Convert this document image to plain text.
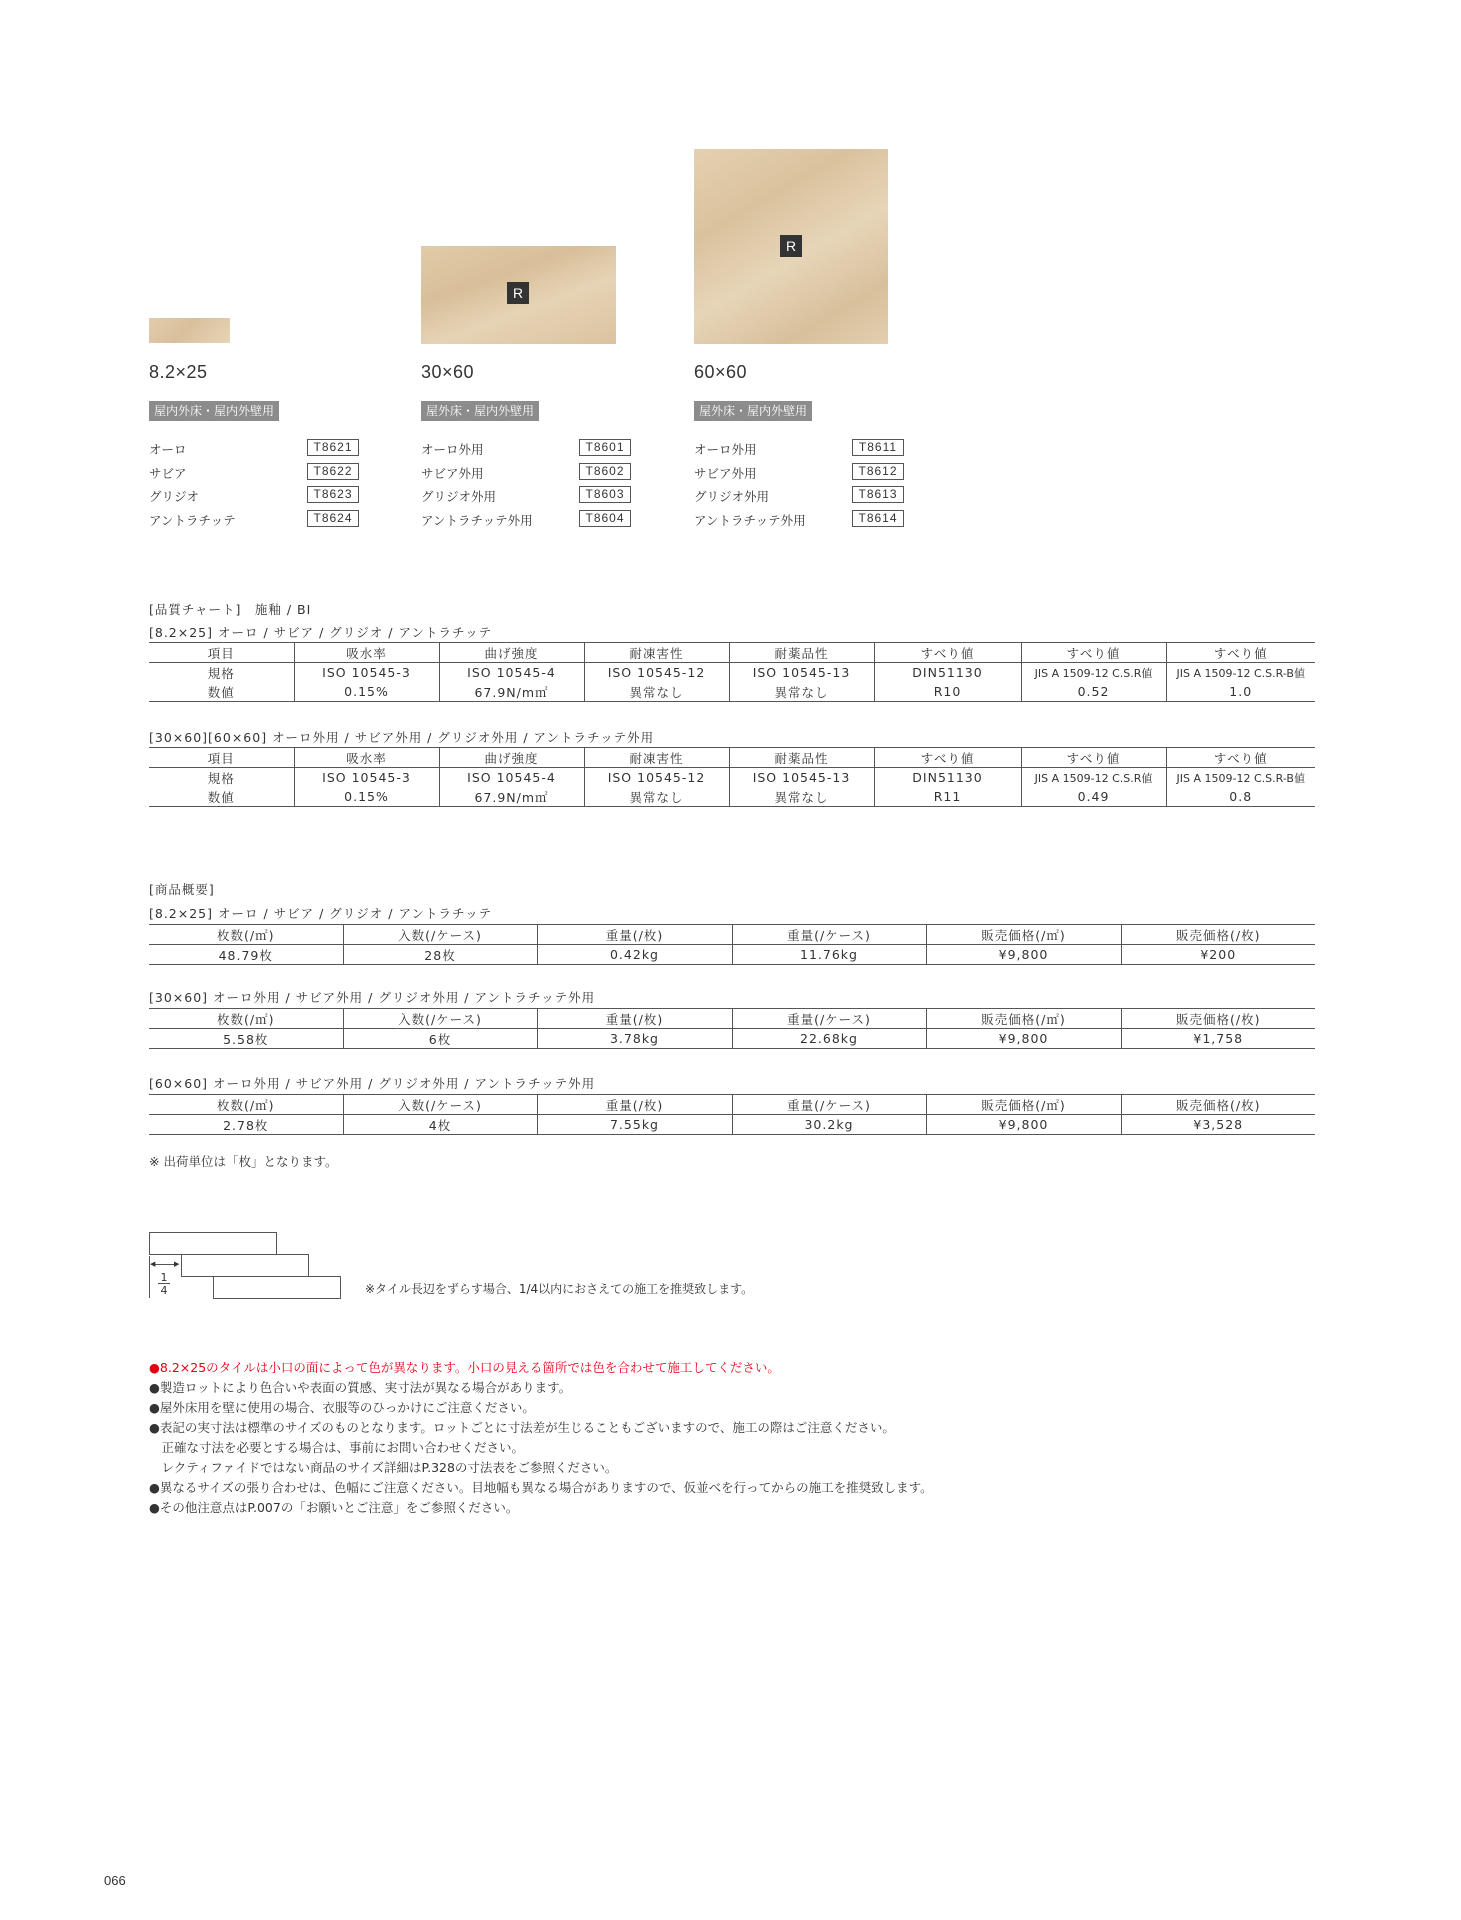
R
R
8.2×25	30×60	60×60
屋内外床・屋内外壁用	屋外床・屋内外壁用	屋外床・屋内外壁用
オーロ	T8621
サビア	T8622
グリジオ	T8623
アントラチッテ	T8624
オーロ外用	T8601
サビア外用	T8602
グリジオ外用	T8603
アントラチッテ外用	T8604
オーロ外用	T8611
サビア外用	T8612
グリジオ外用	T8613
アントラチッテ外用	T8614
[品質チャート]　施釉 / BⅠ
[8.2×25] オーロ / サビア / グリジオ / アントラチッテ
項目	吸水率	曲げ強度	耐凍害性	耐薬品性	すべり値	すべり値	すべり値
規格	ISO 10545-3	ISO 10545-4	ISO 10545-12	ISO 10545-13	DIN51130	JIS A 1509-12 C.S.R値	JIS A 1509-12 C.S.R-B値
数値	0.15%	67.9N/m㎡	異常なし	異常なし	R10	0.52	1.0
[30×60][60×60] オーロ外用 / サビア外用 / グリジオ外用 / アントラチッテ外用
項目	吸水率	曲げ強度	耐凍害性	耐薬品性	すべり値	すべり値	すべり値
規格	ISO 10545-3	ISO 10545-4	ISO 10545-12	ISO 10545-13	DIN51130	JIS A 1509-12 C.S.R値	JIS A 1509-12 C.S.R-B値
数値	0.15%	67.9N/m㎡	異常なし	異常なし	R11	0.49	0.8
[商品概要]
[8.2×25] オーロ / サビア / グリジオ / アントラチッテ
枚数(/㎡)	入数(/ケース)	重量(/枚)	重量(/ケース)	販売価格(/㎡)	販売価格(/枚)
48.79枚	28枚	0.42kg	11.76kg	¥9,800	¥200
[30×60] オーロ外用 / サビア外用 / グリジオ外用 / アントラチッテ外用
枚数(/㎡)	入数(/ケース)	重量(/枚)	重量(/ケース)	販売価格(/㎡)	販売価格(/枚)
5.58枚	6枚	3.78kg	22.68kg	¥9,800	¥1,758
[60×60] オーロ外用 / サビア外用 / グリジオ外用 / アントラチッテ外用
枚数(/㎡)	入数(/ケース)	重量(/枚)	重量(/ケース)	販売価格(/㎡)	販売価格(/枚)
2.78枚	4枚	7.55kg	30.2kg	¥9,800	¥3,528
※ 出荷単位は「枚」となります。
◀	▶
1
4	※タイル長辺をずらす場合、1/4以内におさえての施工を推奨致します。
●8.2×25のタイルは小口の面によって色が異なります。小口の見える箇所では色を合わせて施工してください。
●製造ロットにより色合いや表面の質感、実寸法が異なる場合があります。
●屋外床用を壁に使用の場合、衣服等のひっかけにご注意ください。
●表記の実寸法は標準のサイズのものとなります。ロットごとに寸法差が生じることもございますので、施工の際はご注意ください。
　正確な寸法を必要とする場合は、事前にお問い合わせください。
　レクティファイドではない商品のサイズ詳細はP.328の寸法表をご参照ください。
●異なるサイズの張り合わせは、色幅にご注意ください。目地幅も異なる場合がありますので、仮並べを行ってからの施工を推奨致します。
●その他注意点はP.007の「お願いとご注意」をご参照ください。
066
